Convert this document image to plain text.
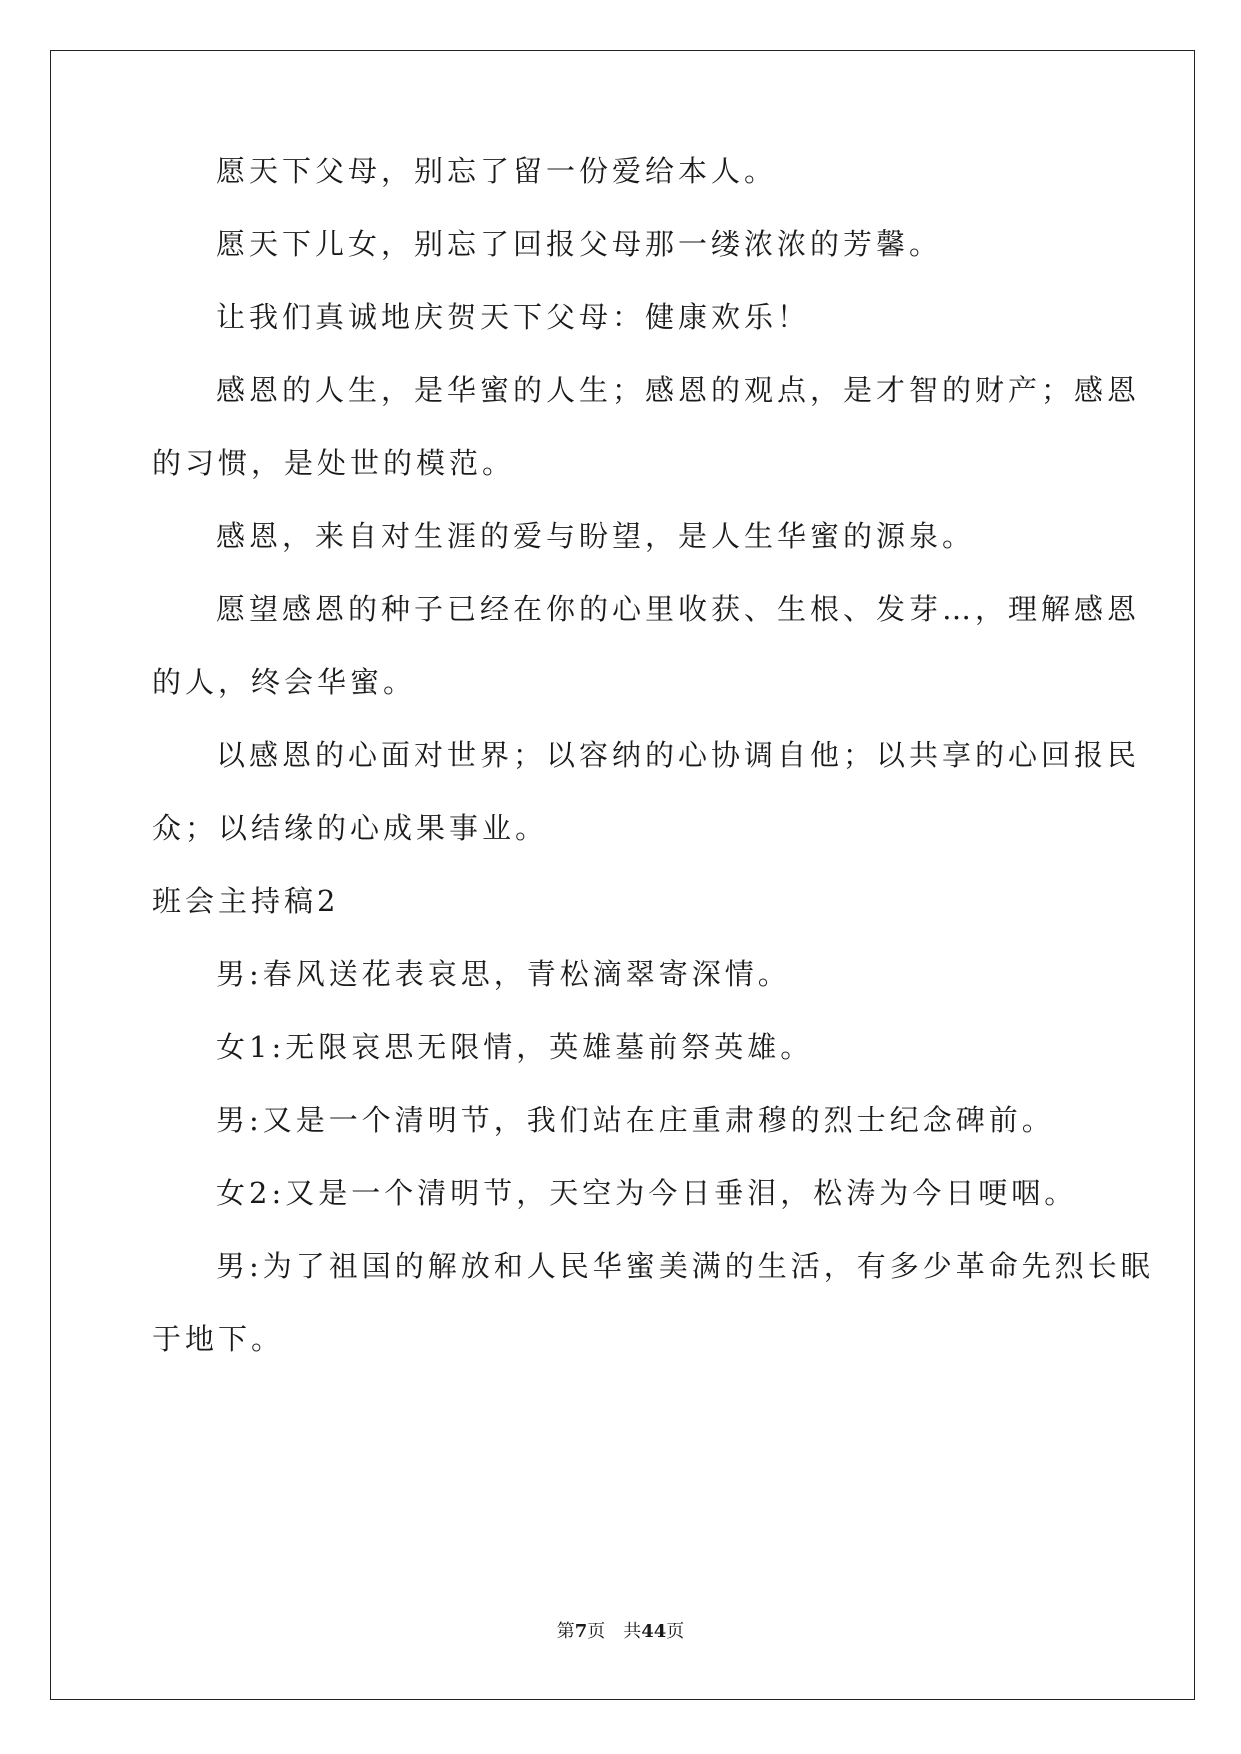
愿天下父母，别忘了留一份爱给本人。
愿天下儿女，别忘了回报父母那一缕浓浓的芳馨。
让我们真诚地庆贺天下父母：健康欢乐！
感恩的人生，是华蜜的人生；感恩的观点，是才智的财产；感恩
的习惯，是处世的模范。
感恩，来自对生涯的爱与盼望，是人生华蜜的源泉。
愿望感恩的种子已经在你的心里收获、生根、发芽…，理解感恩
的人，终会华蜜。
以感恩的心面对世界；以容纳的心协调自他；以共享的心回报民
众；以结缘的心成果事业。
班会主持稿2
男:春风送花表哀思，青松滴翠寄深情。
女1:无限哀思无限情，英雄墓前祭英雄。
男:又是一个清明节，我们站在庄重肃穆的烈士纪念碑前。
女2:又是一个清明节，天空为今日垂泪，松涛为今日哽咽。
男:为了祖国的解放和人民华蜜美满的生活，有多少革命先烈长眠
于地下。
第7页 共44页
